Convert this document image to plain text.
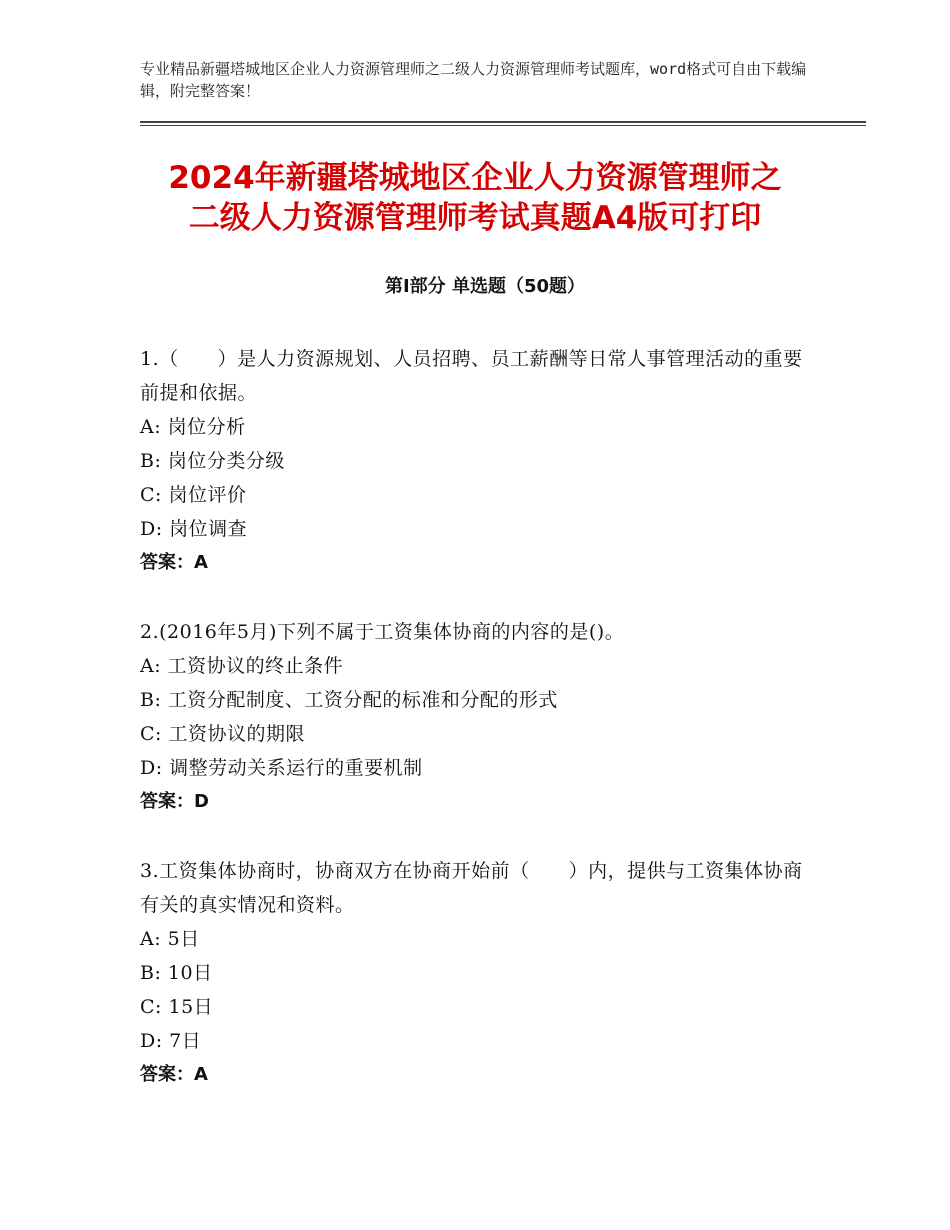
专业精品新疆塔城地区企业人力资源管理师之二级人力资源管理师考试题库，word格式可自由下载编辑，附完整答案！
2024年新疆塔城地区企业人力资源管理师之
二级人力资源管理师考试真题A4版可打印
第Ⅰ部分 单选题（50题）
1.（　　）是人力资源规划、人员招聘、员工薪酬等日常人事管理活动的重要前提和依据。
A: 岗位分析
B: 岗位分类分级
C: 岗位评价
D: 岗位调查
答案：A
2.(2016年5月)下列不属于工资集体协商的内容的是()。
A: 工资协议的终止条件
B: 工资分配制度、工资分配的标准和分配的形式
C: 工资协议的期限
D: 调整劳动关系运行的重要机制
答案：D
3.工资集体协商时，协商双方在协商开始前（　　）内，提供与工资集体协商有关的真实情况和资料。
A: 5日
B: 10日
C: 15日
D: 7日
答案：A
